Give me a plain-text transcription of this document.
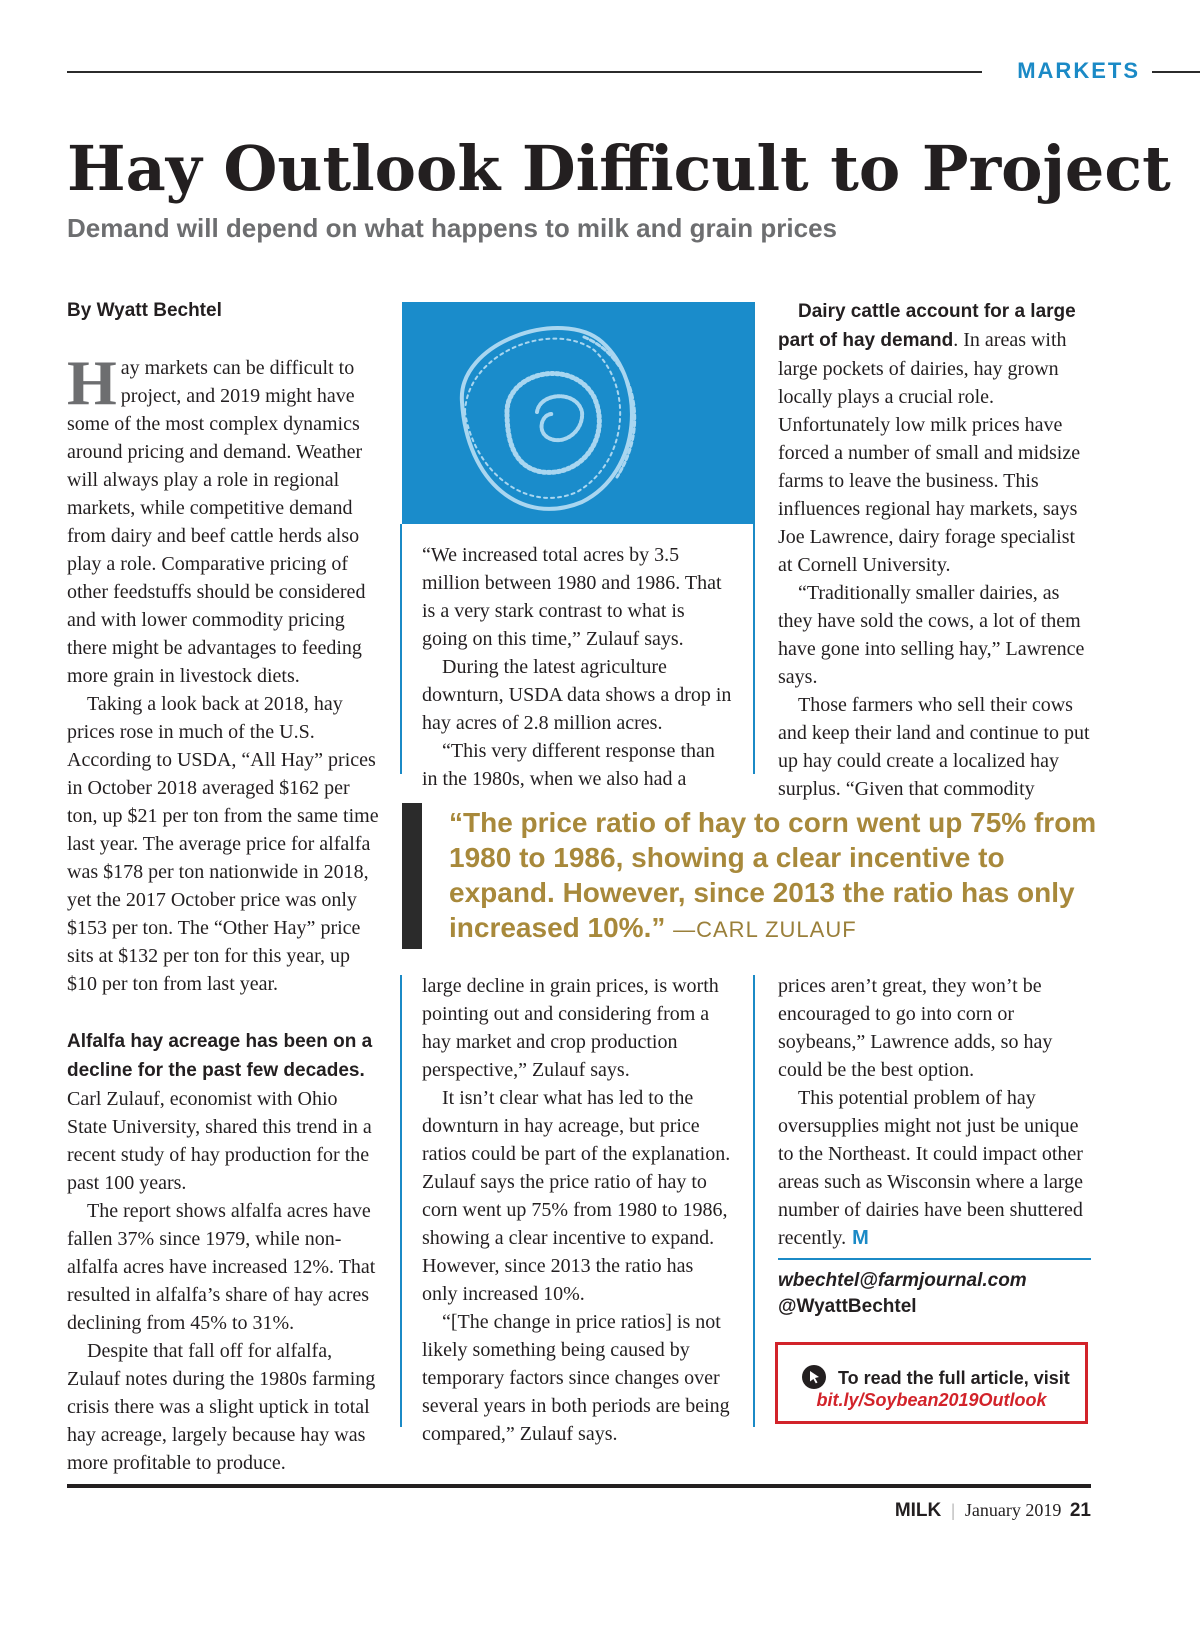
MARKETS
Hay Outlook Difficult to Project
Demand will depend on what happens to milk and grain prices

By Wyatt Bechtel

Hay markets can be difficult to project, and 2019 might have some of the most complex dynamics around pricing and demand. Weather will always play a role in regional markets, while competitive demand from dairy and beef cattle herds also play a role. Comparative pricing of other feedstuffs should be considered and with lower commodity pricing there might be advantages to feeding more grain in livestock diets.

Taking a look back at 2018, hay prices rose in much of the U.S. According to USDA, “All Hay” prices in October 2018 averaged $162 per ton, up $21 per ton from the same time last year. The average price for alfalfa was $178 per ton nationwide in 2018, yet the 2017 October price was only $153 per ton. The “Other Hay” price sits at $132 per ton for this year, up $10 per ton from last year.

Alfalfa hay acreage has been on a decline for the past few decades. Carl Zulauf, economist with Ohio State University, shared this trend in a recent study of hay production for the past 100 years.

The report shows alfalfa acres have fallen 37% since 1979, while non-alfalfa acres have increased 12%. That resulted in alfalfa’s share of hay acres declining from 45% to 31%.

Despite that fall off for alfalfa, Zulauf notes during the 1980s farming crisis there was a slight uptick in total hay acreage, largely because hay was more profitable to produce.

“We increased total acres by 3.5 million between 1980 and 1986. That is a very stark contrast to what is going on this time,” Zulauf says.

During the latest agriculture downturn, USDA data shows a drop in hay acres of 2.8 million acres.

“This very different response than in the 1980s, when we also had a

Dairy cattle account for a large part of hay demand. In areas with large pockets of dairies, hay grown locally plays a crucial role. Unfortunately low milk prices have forced a number of small and midsize farms to leave the business. This influences regional hay markets, says Joe Lawrence, dairy forage specialist at Cornell University.

“Traditionally smaller dairies, as they have sold the cows, a lot of them have gone into selling hay,” Lawrence says.

Those farmers who sell their cows and keep their land and continue to put up hay could create a localized hay surplus. “Given that commodity

“The price ratio of hay to corn went up 75% from 1980 to 1986, showing a clear incentive to expand. However, since 2013 the ratio has only increased 10%.” —CARL ZULAUF

large decline in grain prices, is worth pointing out and considering from a hay market and crop production perspective,” Zulauf says.

It isn’t clear what has led to the downturn in hay acreage, but price ratios could be part of the explanation. Zulauf says the price ratio of hay to corn went up 75% from 1980 to 1986, showing a clear incentive to expand. However, since 2013 the ratio has only increased 10%.

“[The change in price ratios] is not likely something being caused by temporary factors since changes over several years in both periods are being compared,” Zulauf says.

prices aren’t great, they won’t be encouraged to go into corn or soybeans,” Lawrence adds, so hay could be the best option.

This potential problem of hay oversupplies might not just be unique to the Northeast. It could impact other areas such as Wisconsin where a large number of dairies have been shuttered recently. M

wbechtel@farmjournal.com
@WyattBechtel
To read the full article, visit
bit.ly/Soybean2019Outlook
MILK | January 2019 21
